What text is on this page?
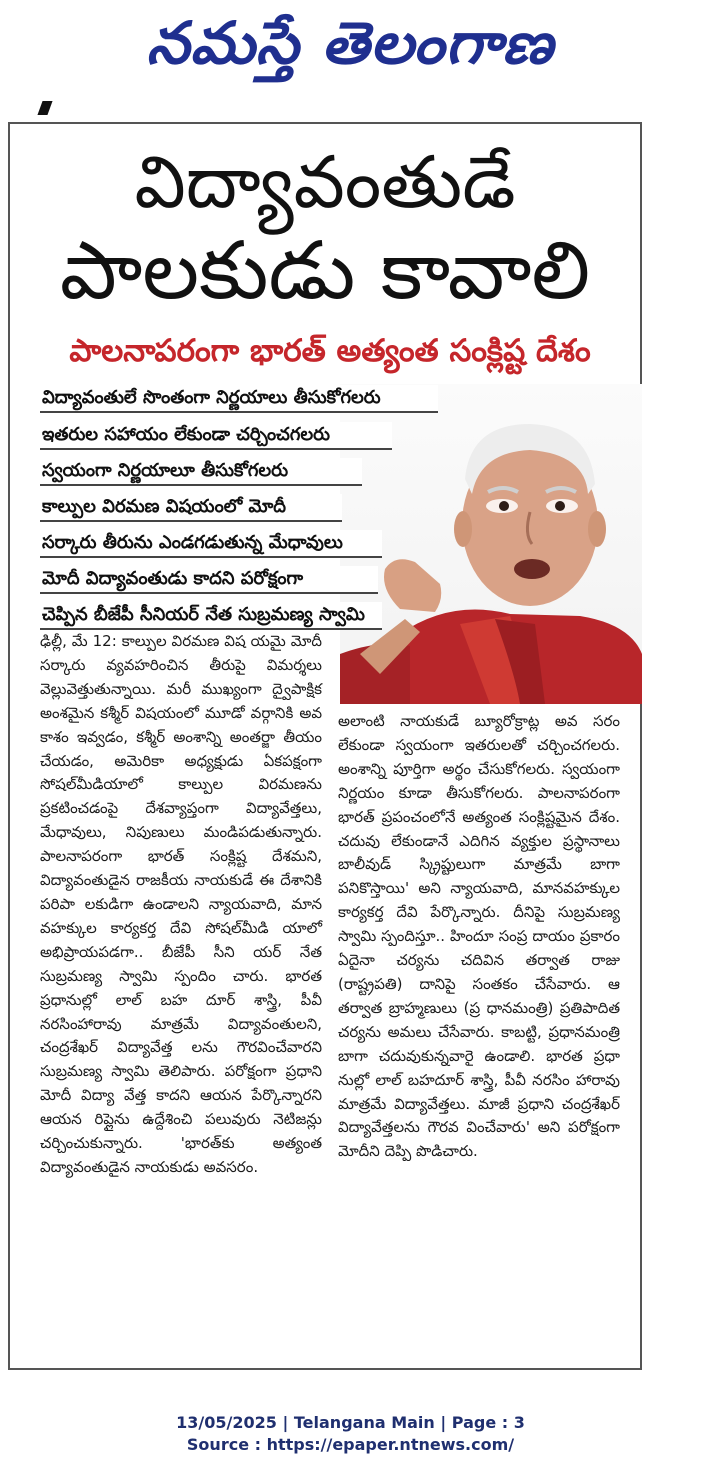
నమస్తే తెలంగాణ
విద్యావంతుడే
పాలకుడు కావాలి
పాలనాపరంగా భారత్ అత్యంత సంక్లిష్ట దేశం
విద్యావంతులే సొంతంగా నిర్ణయాలు తీసుకోగలరు
ఇతరుల సహాయం లేకుండా చర్చించగలరు
స్వయంగా నిర్ణయాలూ తీసుకోగలరు
కాల్పుల విరమణ విషయంలో మోదీ
సర్కారు తీరును ఎండగడుతున్న మేధావులు
మోదీ విద్యావంతుడు కాదని పరోక్షంగా
చెప్పిన బీజేపీ సీనియర్ నేత సుబ్రమణ్య స్వామి

ఢిల్లీ, మే 12: కాల్పుల విరమణ విష యమై మోదీ సర్కారు వ్యవహరించిన తీరుపై విమర్శలు వెల్లువెత్తుతున్నాయి. మరీ ముఖ్యంగా ద్వైపాక్షిక అంశమైన కశ్మీర్ విషయంలో మూడో వర్గానికి అవ కాశం ఇవ్వడం, కశ్మీర్ అంశాన్ని అంతర్జా తీయం చేయడం, అమెరికా అధ్యక్షుడు ఏకపక్షంగా సోషల్‌మీడియాలో కాల్పుల విరమణను ప్రకటించడంపై దేశవ్యాప్తంగా విద్యావేత్తలు, మేధావులు, నిపుణులు మండిపడుతున్నారు. పాలనాపరంగా భారత్ సంక్లిష్ట దేశమని, విద్యావంతుడైన రాజకీయ నాయకుడే ఈ దేశానికి పరిపా లకుడిగా ఉండాలని న్యాయవాది, మాన వహక్కుల కార్యకర్త దేవి సోషల్‌మీడి యాలో అభిప్రాయపడగా.. బీజేపీ సీని యర్ నేత సుబ్రమణ్య స్వామి స్పందిం చారు. భారత ప్రధానుల్లో లాల్ బహ దూర్ శాస్త్రి, పీవీ నరసింహారావు మాత్రమే విద్యావంతులని, చంద్రశేఖర్ విద్యావేత్త లను గౌరవించేవారని సుబ్రమణ్య స్వామి తెలిపారు. పరోక్షంగా ప్రధాని మోదీ విద్యా వేత్త కాదని ఆయన పేర్కొన్నారని ఆయన రిప్లైను ఉద్దేశించి పలువురు నెటిజన్లు చర్చించుకున్నారు. 'భారత్‌కు అత్యంత విద్యావంతుడైన నాయకుడు అవసరం.

అలాంటి నాయకుడే బ్యూరోక్రాట్ల అవ సరం లేకుండా స్వయంగా ఇతరులతో చర్చించగలరు. అంశాన్ని పూర్తిగా అర్థం చేసుకోగలరు. స్వయంగా నిర్ణయం కూడా తీసుకోగలరు. పాలనాపరంగా భారత్ ప్రపంచంలోనే అత్యంత సంక్లిష్టమైన దేశం. చదువు లేకుండానే ఎదిగిన వ్యక్తుల ప్రస్థానాలు బాలీవుడ్ స్క్రిప్టులుగా మాత్రమే బాగా పనికొస్తాయి' అని న్యాయవాది, మానవహక్కుల కార్యకర్త దేవి పేర్కొన్నారు. దీనిపై సుబ్రమణ్య స్వామి స్పందిస్తూ.. హిందూ సంప్ర దాయం ప్రకారం ఏదైనా చర్యను చదివిన తర్వాత రాజు (రాష్ట్రపతి) దానిపై సంతకం చేసేవారు. ఆ తర్వాత బ్రాహ్మణులు (ప్ర ధానమంత్రి) ప్రతిపాదిత చర్యను అమలు చేసేవారు. కాబట్టి, ప్రధానమంత్రి బాగా చదువుకున్నవారై ఉండాలి. భారత ప్రధా నుల్లో లాల్ బహదూర్ శాస్త్రి, పీవీ నరసిం హారావు మాత్రమే విద్యావేత్తలు. మాజీ ప్రధాని చంద్రశేఖర్ విద్యావేత్తలను గౌరవ వించేవారు' అని పరోక్షంగా మోదీని దెప్పి పొడిచారు.

13/05/2025 | Telangana Main | Page : 3
Source : https://epaper.ntnews.com/
